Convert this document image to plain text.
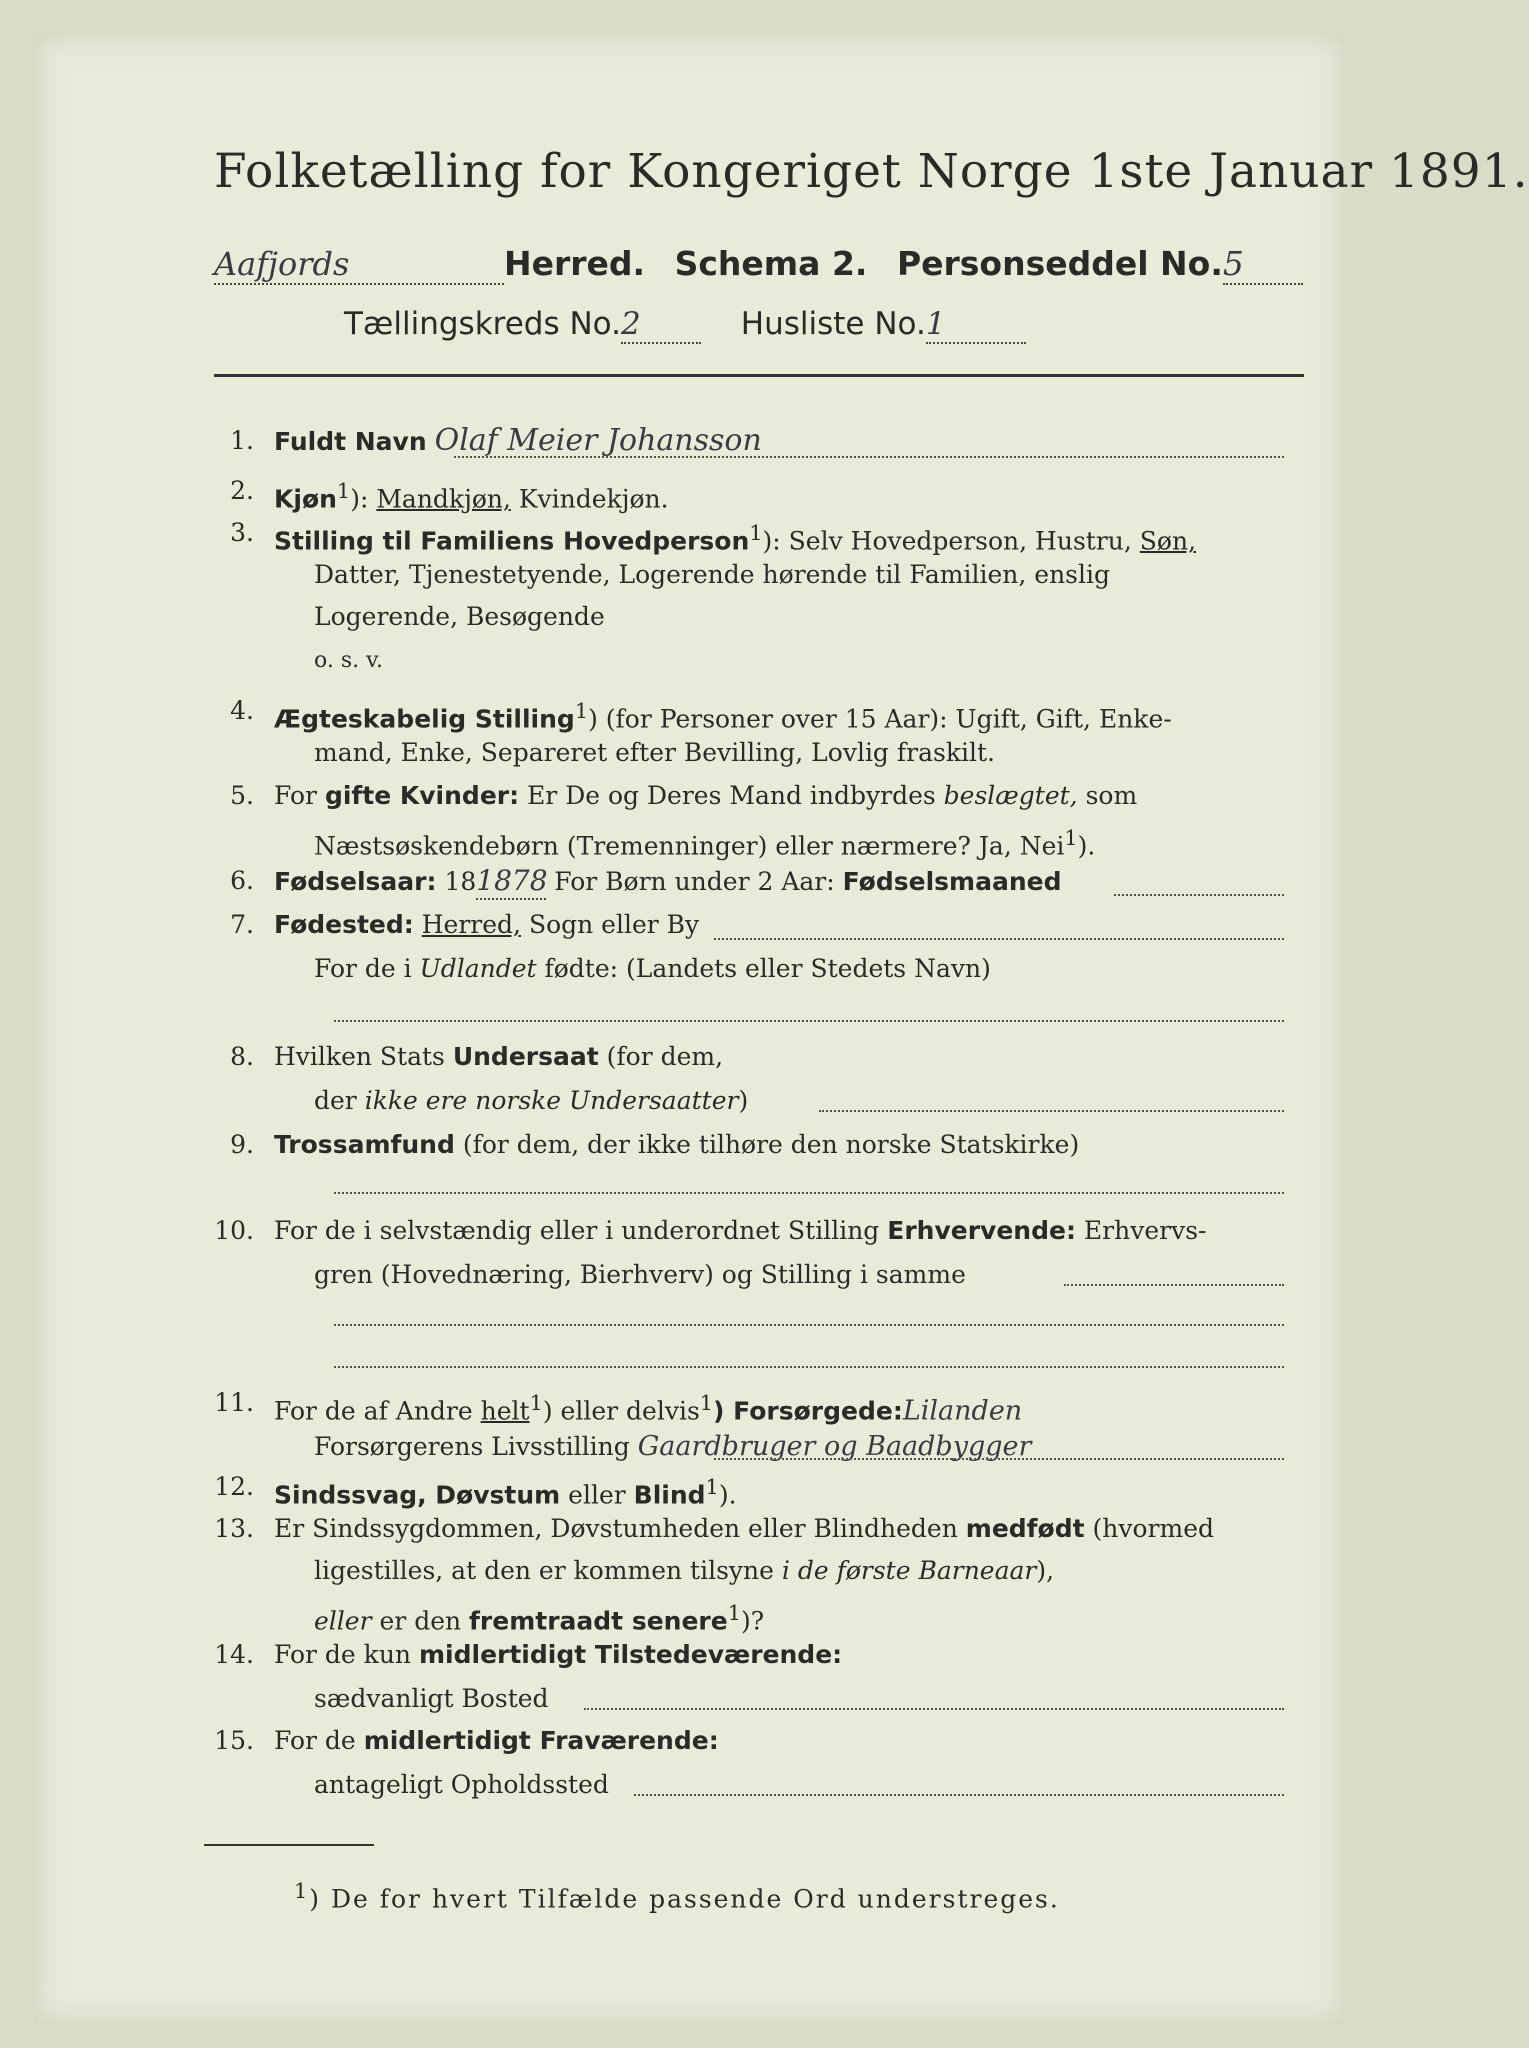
Folketælling for Kongeriget Norge 1ste Januar 1891.
Aafjords	Herred. Schema 2. Personseddel No.5
Tællingskreds No.2	Husliste No.1
1. Fuldt Navn Olaf Meier Johansson
2. Kjøn$^1$): Mandkjøn, Kvindekjøn.
3. Stilling til Familiens Hovedperson$^1$): Selv Hovedperson, Hustru, Søn,
Datter, Tjenestetyende, Logerende hørende til Familien, enslig
Logerende, Besøgende
o. s. v.
4. Ægteskabelig Stilling$^1$) (for Personer over 15 Aar): Ugift, Gift, Enke-
mand, Enke, Separeret efter Bevilling, Lovlig fraskilt.
5. For gifte Kvinder: Er De og Deres Mand indbyrdes beslægtet, som
Næstsøskendebørn (Tremenninger) eller nærmere? Ja, Nei$^1$).
6. Fødselsaar: 181878 For Børn under 2 Aar: Fødselsmaaned
7. Fødested: Herred, Sogn eller By
For de i Udlandet fødte: (Landets eller Stedets Navn)
8. Hvilken Stats Undersaat (for dem,
der ikke ere norske Undersaatter)
9. Trossamfund (for dem, der ikke tilhøre den norske Statskirke)
10. For de i selvstændig eller i underordnet Stilling Erhvervende: Erhvervs-
gren (Hovednæring, Bierhverv) og Stilling i samme
11. For de af Andre helt$^1$) eller delvis$^1$) Forsørgede:Lilanden
Forsørgerens Livsstilling Gaardbruger og Baadbygger
12. Sindssvag, Døvstum eller Blind$^1$).
13. Er Sindssygdommen, Døvstumheden eller Blindheden medfødt (hvormed
ligestilles, at den er kommen tilsyne i de første Barneaar),
eller er den fremtraadt senere$^1$)?
14. For de kun midlertidigt Tilstedeværende:
sædvanligt Bosted
15. For de midlertidigt Fraværende:
antageligt Opholdssted
$^1$) De for hvert Tilfælde passende Ord understreges.
